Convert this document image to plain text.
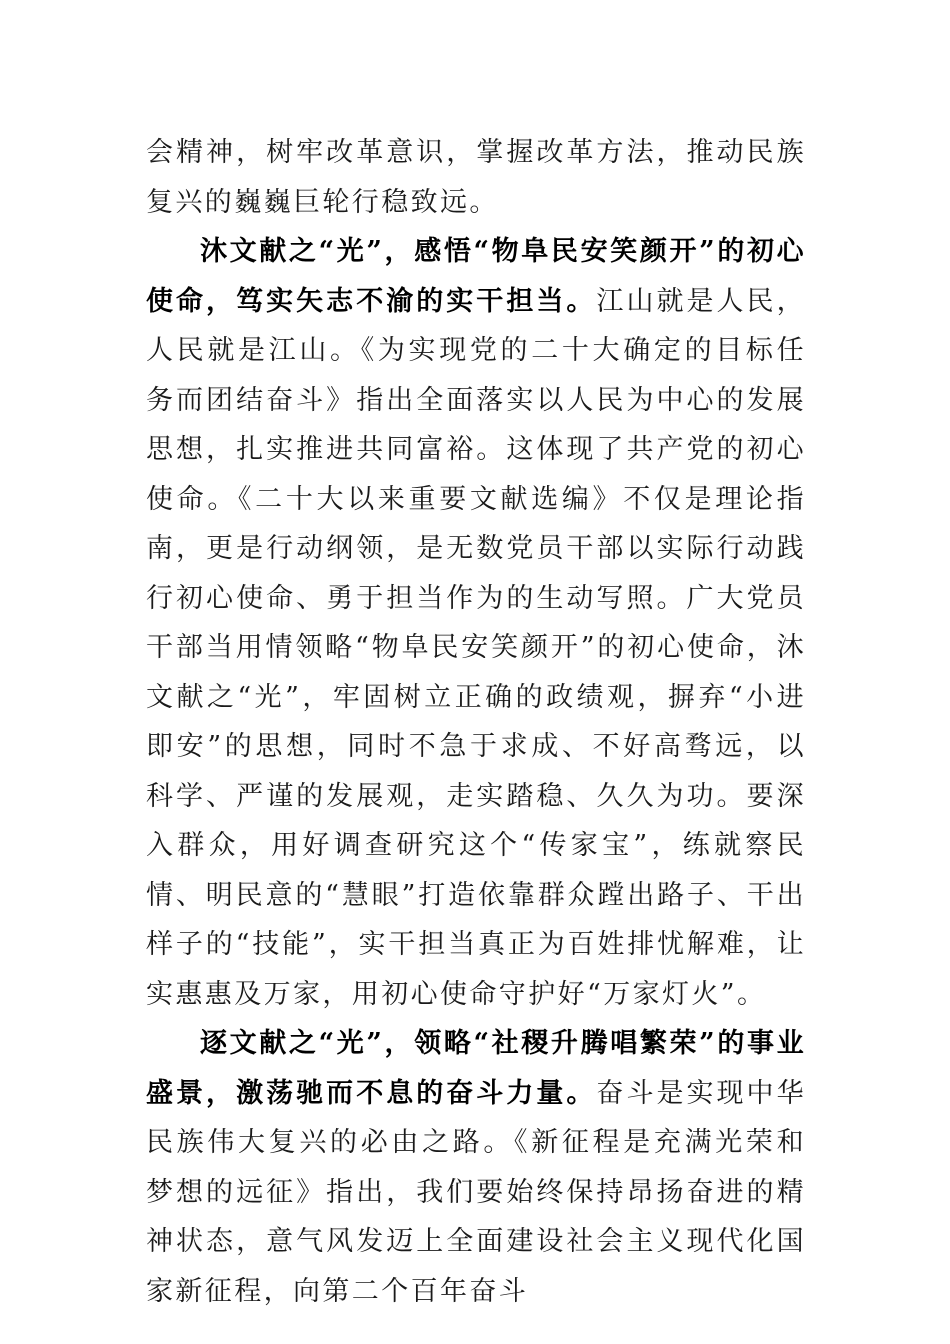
会精神，树牢改革意识，掌握改革方法，推动民族复兴的巍巍巨轮行稳致远。

沐文献之“光”，感悟“物阜民安笑颜开”的初心使命，笃实矢志不渝的实干担当。江山就是人民，人民就是江山。《为实现党的二十大确定的目标任务而团结奋斗》指出全面落实以人民为中心的发展思想，扎实推进共同富裕。这体现了共产党的初心使命。《二十大以来重要文献选编》不仅是理论指南，更是行动纲领，是无数党员干部以实际行动践行初心使命、勇于担当作为的生动写照。广大党员干部当用情领略“物阜民安笑颜开”的初心使命，沐文献之“光”，牢固树立正确的政绩观，摒弃“小进即安”的思想，同时不急于求成、不好高骛远，以科学、严谨的发展观，走实踏稳、久久为功。要深入群众，用好调查研究这个“传家宝”，练就察民情、明民意的“慧眼”打造依靠群众蹚出路子、干出样子的“技能”，实干担当真正为百姓排忧解难，让实惠惠及万家，用初心使命守护好“万家灯火”。

逐文献之“光”，领略“社稷升腾唱繁荣”的事业盛景，激荡驰而不息的奋斗力量。奋斗是实现中华民族伟大复兴的必由之路。《新征程是充满光荣和梦想的远征》指出，我们要始终保持昂扬奋进的精神状态，意气风发迈上全面建设社会主义现代化国家新征程，向第二个百年奋斗
